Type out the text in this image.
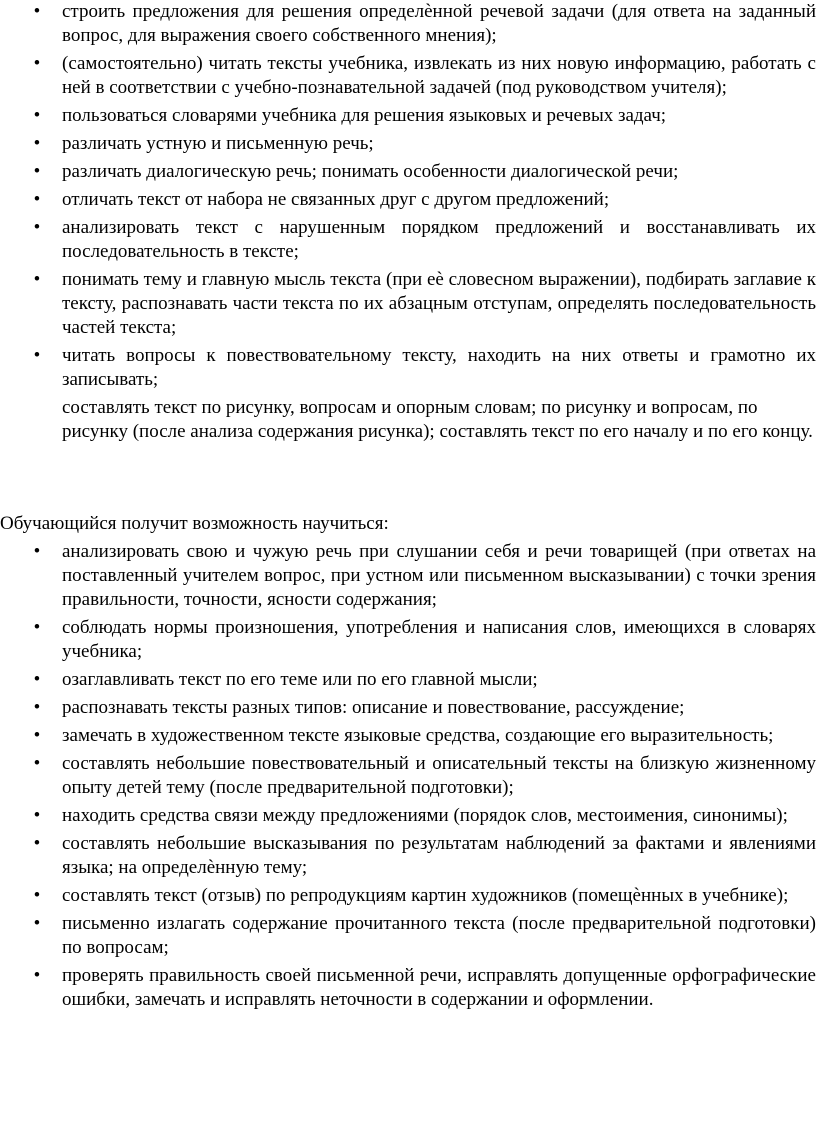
• строить предложения для решения определѐнной речевой задачи (для ответа на заданный вопрос, для выражения своего собственного мнения);
• (самостоятельно) читать тексты учебника, извлекать из них новую информацию, работать с ней в соответствии с учебно-познавательной задачей (под руководством учителя);
• пользоваться словарями учебника для решения языковых и речевых задач;
• различать устную и письменную речь;
• различать диалогическую речь; понимать особенности диалогической речи;
• отличать текст от набора не связанных друг с другом предложений;
• анализировать текст с нарушенным порядком предложений и восстанавливать их последовательность в тексте;
• понимать тему и главную мысль текста (при еѐ словесном выражении), подбирать заглавие к тексту, распознавать части текста по их абзацным отступам, определять последовательность частей текста;
• читать вопросы к повествовательному тексту, находить на них ответы и грамотно их записывать;

составлять текст по рисунку, вопросам и опорным словам; по рисунку и вопросам, по рисунку (после анализа содержания рисунка); составлять текст по его началу и по его концу.

Обучающийся получит возможность научиться:

• анализировать свою и чужую речь при слушании себя и речи товарищей (при ответах на поставленный учителем вопрос, при устном или письменном высказывании) с точки зрения правильности, точности, ясности содержания;
• соблюдать нормы произношения, употребления и написания слов, имеющихся в словарях учебника;
• озаглавливать текст по его теме или по его главной мысли;
• распознавать тексты разных типов: описание и повествование, рассуждение;
• замечать в художественном тексте языковые средства, создающие его выразительность;
• составлять небольшие повествовательный и описательный тексты на близкую жизненному опыту детей тему (после предварительной подготовки);
• находить средства связи между предложениями (порядок слов, местоимения, синонимы);
• составлять небольшие высказывания по результатам наблюдений за фактами и явлениями языка; на определѐнную тему;
• составлять текст (отзыв) по репродукциям картин художников (помещѐнных в учебнике);
• письменно излагать содержание прочитанного текста (после предварительной подготовки) по вопросам;
• проверять правильность своей письменной речи, исправлять допущенные орфографические ошибки, замечать и исправлять неточности в содержании и оформлении.
